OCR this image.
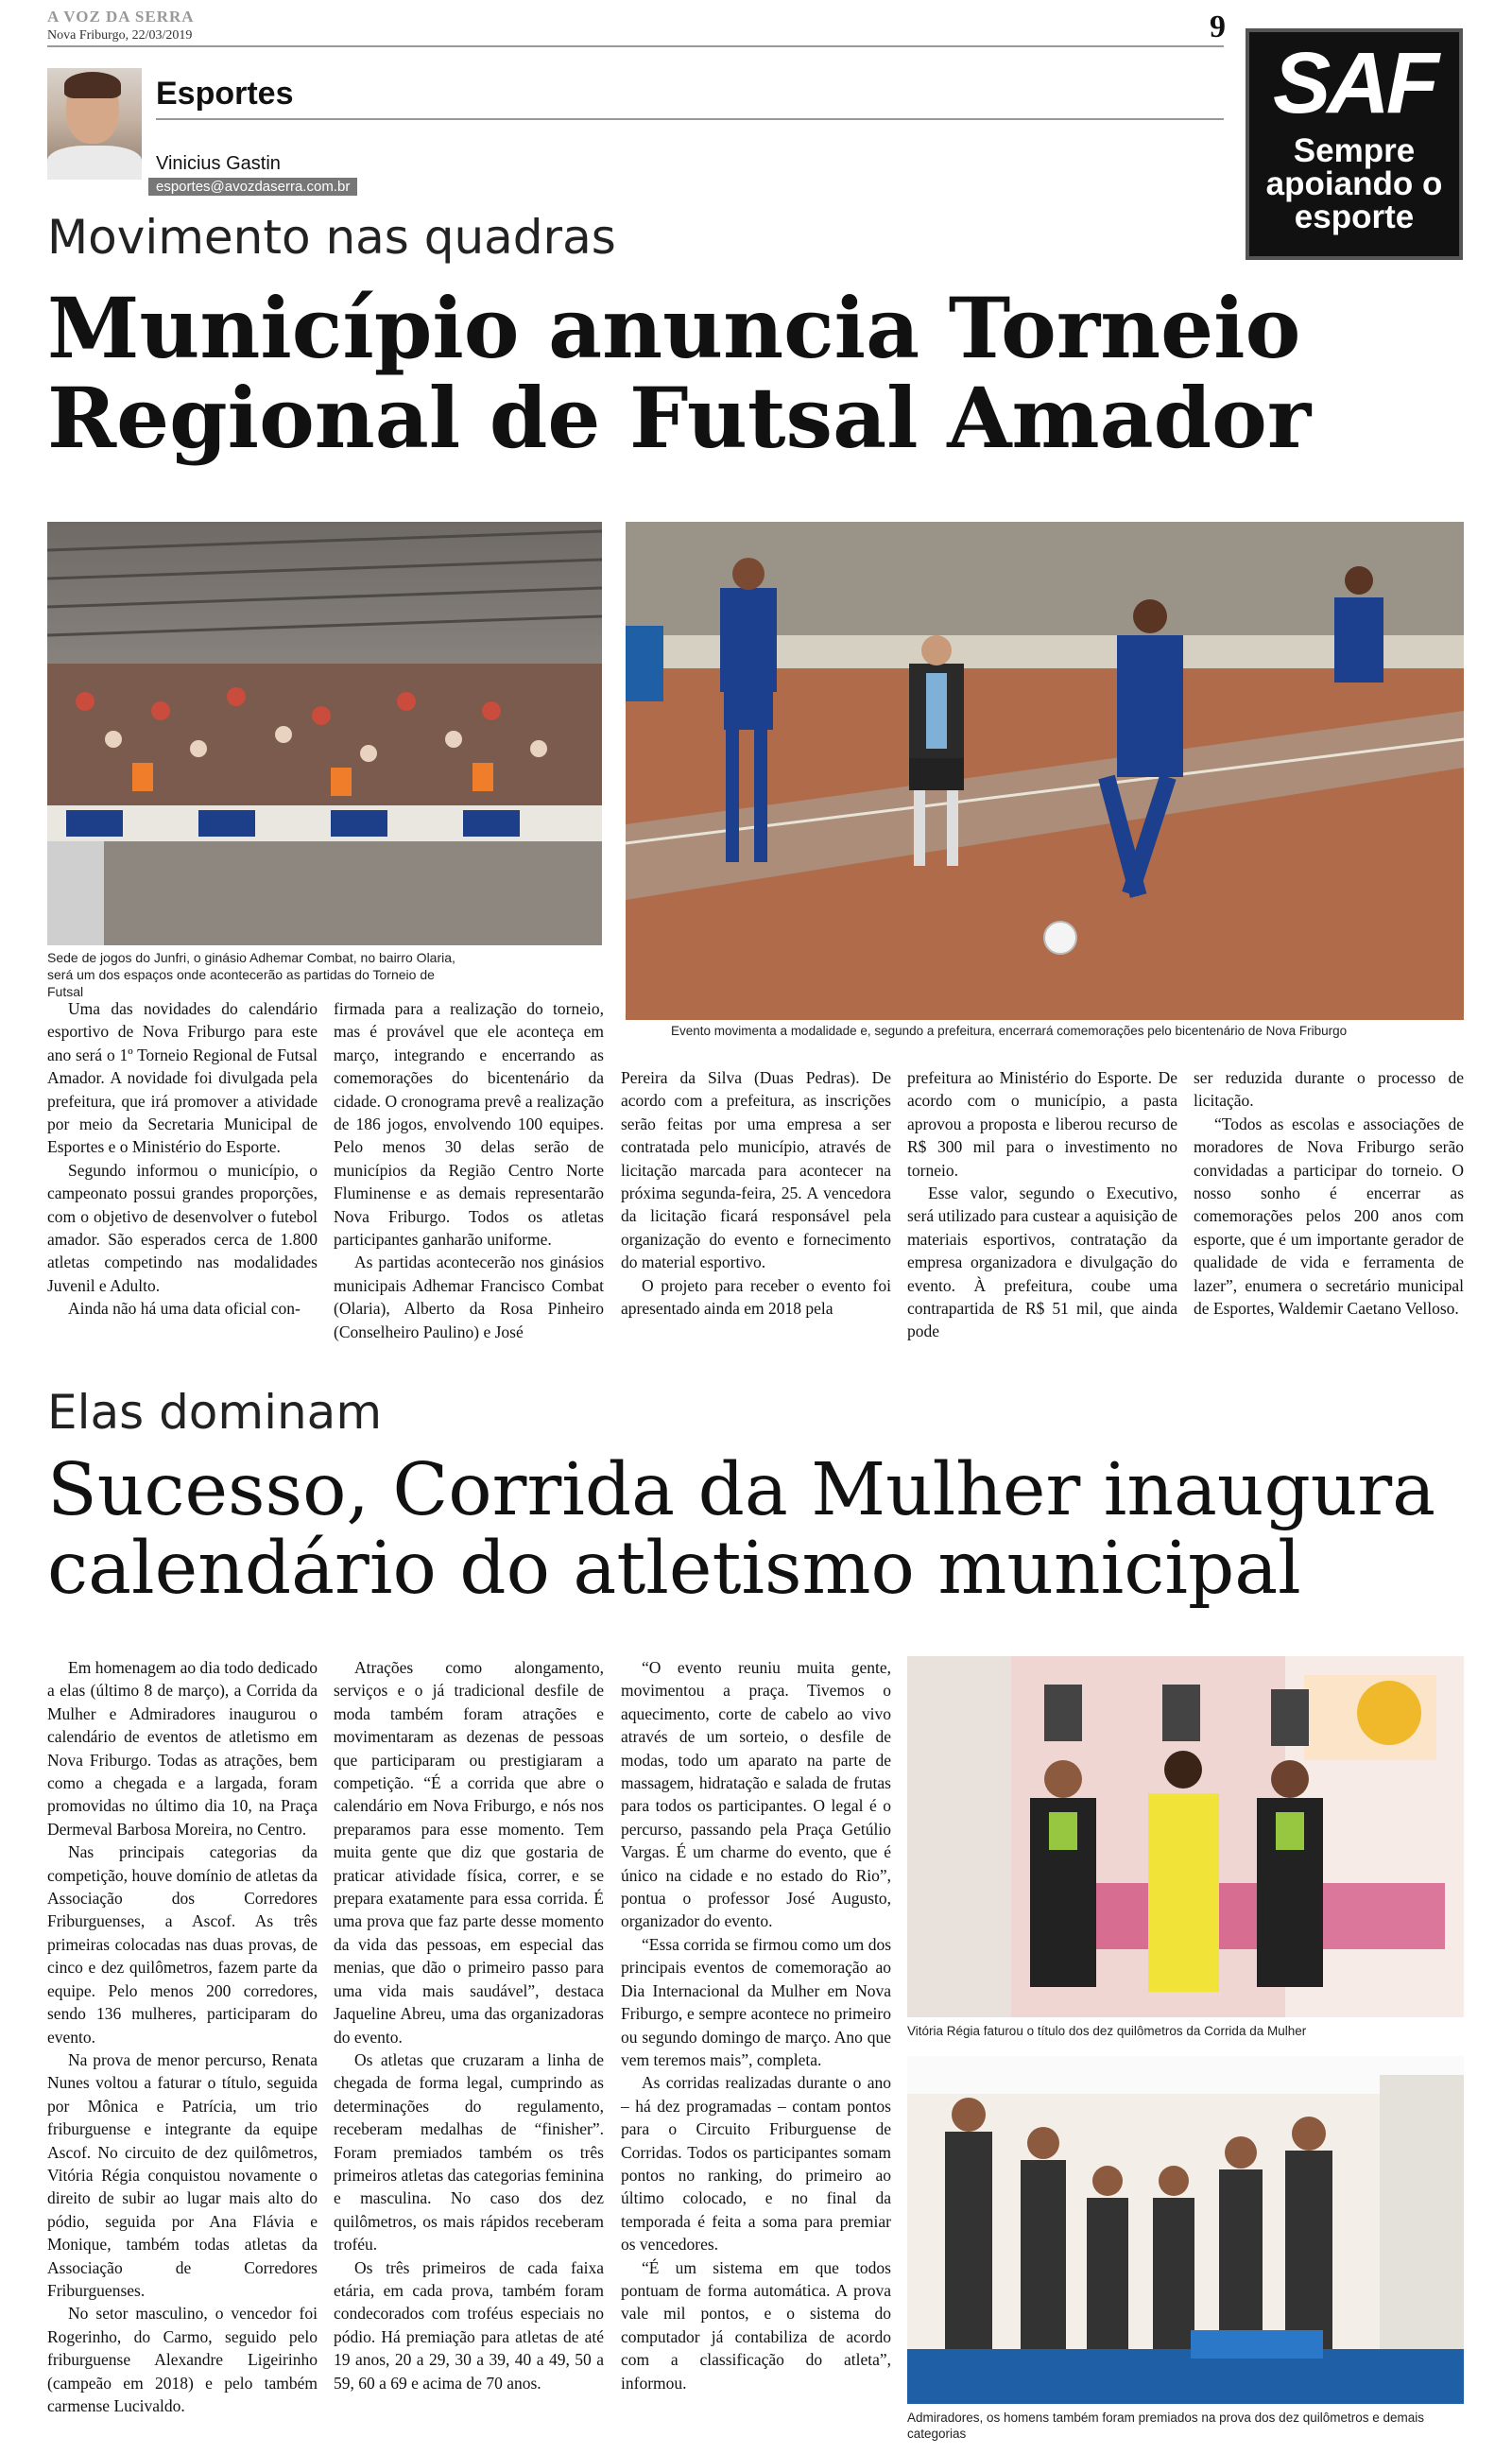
A VOZ DA SERRA
Nova Friburgo, 22/03/2019	9
SAF
Sempre
apoiando o
esporte
Esportes
Vinicius Gastin
esportes@avozdaserra.com.br
Movimento nas quadras
Município anuncia Torneio
Regional de Futsal Amador
Sede de jogos do Junfri, o ginásio Adhemar Combat, no bairro Olaria, será um dos espaços onde acontecerão as partidas do Torneio de Futsal
Evento movimenta a modalidade e, segundo a prefeitura, encerrará comemorações pelo bicentenário de Nova Friburgo

Uma das novidades do calendário esportivo de Nova Friburgo para este ano será o 1º Torneio Regional de Futsal Amador. A novidade foi divulgada pela prefeitura, que irá promover a atividade por meio da Secretaria Municipal de Esportes e o Ministério do Esporte.

Segundo informou o município, o campeonato possui grandes proporções, com o objetivo de desenvolver o futebol amador. São esperados cerca de 1.800 atletas competindo nas modalidades Juvenil e Adulto.

Ainda não há uma data oficial con-

firmada para a realização do torneio, mas é provável que ele aconteça em março, integrando e encerrando as comemorações do bicentenário da cidade. O cronograma prevê a realização de 186 jogos, envolvendo 100 equipes. Pelo menos 30 delas serão de municípios da Região Centro Norte Fluminense e as demais representarão Nova Friburgo. Todos os atletas participantes ganharão uniforme.

As partidas acontecerão nos ginásios municipais Adhemar Francisco Combat (Olaria), Alberto da Rosa Pinheiro (Conselheiro Paulino) e José

Pereira da Silva (Duas Pedras). De acordo com a prefeitura, as inscrições serão feitas por uma empresa a ser contratada pelo município, através de licitação marcada para acontecer na próxima segunda-feira, 25. A vencedora da licitação ficará responsável pela organização do evento e fornecimento do material esportivo.

O projeto para receber o evento foi apresentado ainda em 2018 pela

prefeitura ao Ministério do Esporte. De acordo com o município, a pasta aprovou a proposta e liberou recurso de R$ 300 mil para o investimento no torneio.

Esse valor, segundo o Executivo, será utilizado para custear a aquisição de materiais esportivos, contratação da empresa organizadora e divulgação do evento. À prefeitura, coube uma contrapartida de R$ 51 mil, que ainda pode

ser reduzida durante o processo de licitação.

“Todos as escolas e associações de moradores de Nova Friburgo serão convidadas a participar do torneio. O nosso sonho é encerrar as comemorações pelos 200 anos com esporte, que é um importante gerador de qualidade de vida e ferramenta de lazer”, enumera o secretário municipal de Esportes, Waldemir Caetano Velloso.

Elas dominam
Sucesso, Corrida da Mulher inaugura
calendário do atletismo municipal

Em homenagem ao dia todo dedicado a elas (último 8 de março), a Corrida da Mulher e Admiradores inaugurou o calendário de eventos de atletismo em Nova Friburgo. Todas as atrações, bem como a chegada e a largada, foram promovidas no último dia 10, na Praça Dermeval Barbosa Moreira, no Centro.

Nas principais categorias da competição, houve domínio de atletas da Associação dos Corredores Friburguenses, a Ascof. As três primeiras colocadas nas duas provas, de cinco e dez quilômetros, fazem parte da equipe. Pelo menos 200 corredores, sendo 136 mulheres, participaram do evento.

Na prova de menor percurso, Renata Nunes voltou a faturar o título, seguida por Mônica e Patrícia, um trio friburguense e integrante da equipe Ascof. No circuito de dez quilômetros, Vitória Régia conquistou novamente o direito de subir ao lugar mais alto do pódio, seguida por Ana Flávia e Monique, também todas atletas da Associação de Corredores Friburguenses.

No setor masculino, o vencedor foi Rogerinho, do Carmo, seguido pelo friburguense Alexandre Ligeirinho (campeão em 2018) e pelo também carmense Lucivaldo.

Atrações como alongamento, serviços e o já tradicional desfile de moda também foram atrações e movimentaram as dezenas de pessoas que participaram ou prestigiaram a competição. “É a corrida que abre o calendário em Nova Friburgo, e nós nos preparamos para esse momento. Tem muita gente que diz que gostaria de praticar atividade física, correr, e se prepara exatamente para essa corrida. É uma prova que faz parte desse momento da vida das pessoas, em especial das menias, que dão o primeiro passo para uma vida mais saudável”, destaca Jaqueline Abreu, uma das organizadoras do evento.

Os atletas que cruzaram a linha de chegada de forma legal, cumprindo as determinações do regulamento, receberam medalhas de “finisher”. Foram premiados também os três primeiros atletas das categorias feminina e masculina. No caso dos dez quilômetros, os mais rápidos receberam troféu.

Os três primeiros de cada faixa etária, em cada prova, também foram condecorados com troféus especiais no pódio. Há premiação para atletas de até 19 anos, 20 a 29, 30 a 39, 40 a 49, 50 a 59, 60 a 69 e acima de 70 anos.

“O evento reuniu muita gente, movimentou a praça. Tivemos o aquecimento, corte de cabelo ao vivo através de um sorteio, o desfile de modas, todo um aparato na parte de massagem, hidratação e salada de frutas para todos os participantes. O legal é o percurso, passando pela Praça Getúlio Vargas. É um charme do evento, que é único na cidade e no estado do Rio”, pontua o professor José Augusto, organizador do evento.

“Essa corrida se firmou como um dos principais eventos de comemoração ao Dia Internacional da Mulher em Nova Friburgo, e sempre acontece no primeiro ou segundo domingo de março. Ano que vem teremos mais”, completa.

As corridas realizadas durante o ano – há dez programadas – contam pontos para o Circuito Friburguense de Corridas. Todos os participantes somam pontos no ranking, do primeiro ao último colocado, e no final da temporada é feita a soma para premiar os vencedores.

“É um sistema em que todos pontuam de forma automática. A prova vale mil pontos, e o sistema do computador já contabiliza de acordo com a classificação do atleta”, informou.

Vitória Régia faturou o título dos dez quilômetros da Corrida da Mulher
Admiradores, os homens também foram premiados na prova dos dez quilômetros e demais categorias
